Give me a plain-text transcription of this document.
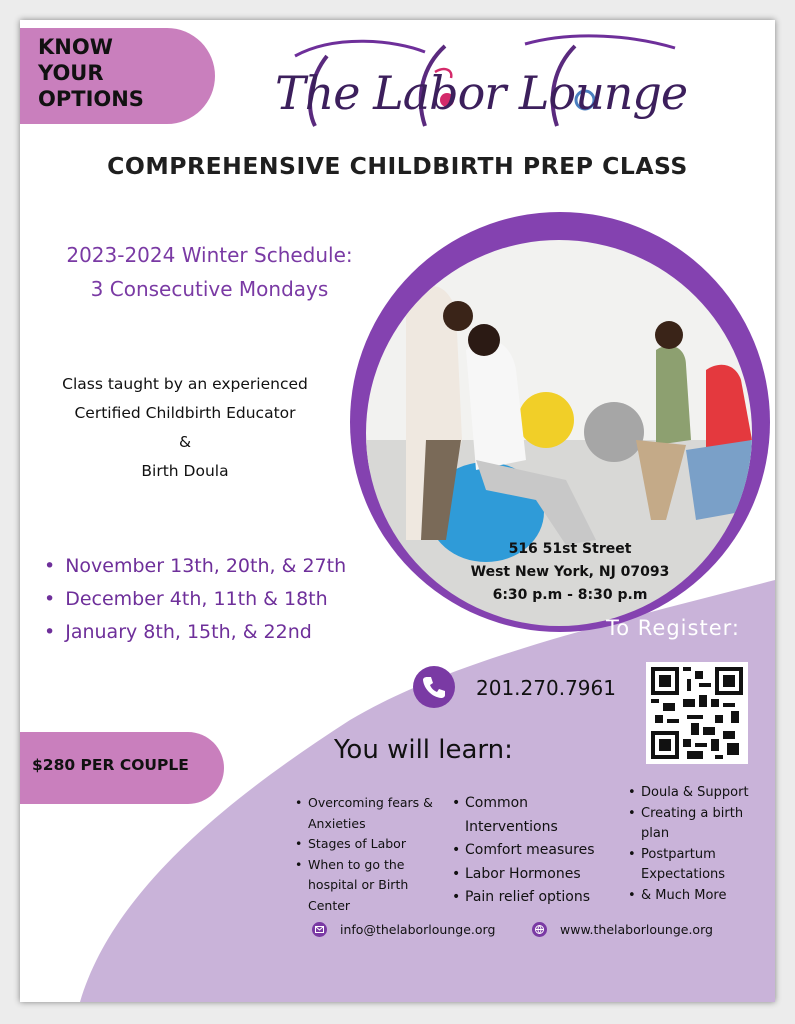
KNOW
YOUR
OPTIONS	The Labor Lounge
COMPREHENSIVE CHILDBIRTH PREP CLASS
2023-2024 Winter Schedule:
3 Consecutive Mondays
Class taught by an experienced
Certified Childbirth Educator
&
Birth Doula
• November 13th, 20th, & 27th
• December 4th, 11th & 18th
• January 8th, 15th, & 22nd
516 51st Street
West New York, NJ 07093
6:30 p.m - 8:30 p.m
To Register:
201.270.7961
You will learn:
• Overcoming fears & Anxieties
• Stages of Labor
• When to go the hospital or Birth Center
• Common Interventions
• Comfort measures
• Labor Hormones
• Pain relief options
• Doula & Support
• Creating a birth plan
• Postpartum Expectations
• & Much More
$280 PER COUPLE
info@thelaborlounge.org	www.thelaborlounge.org
